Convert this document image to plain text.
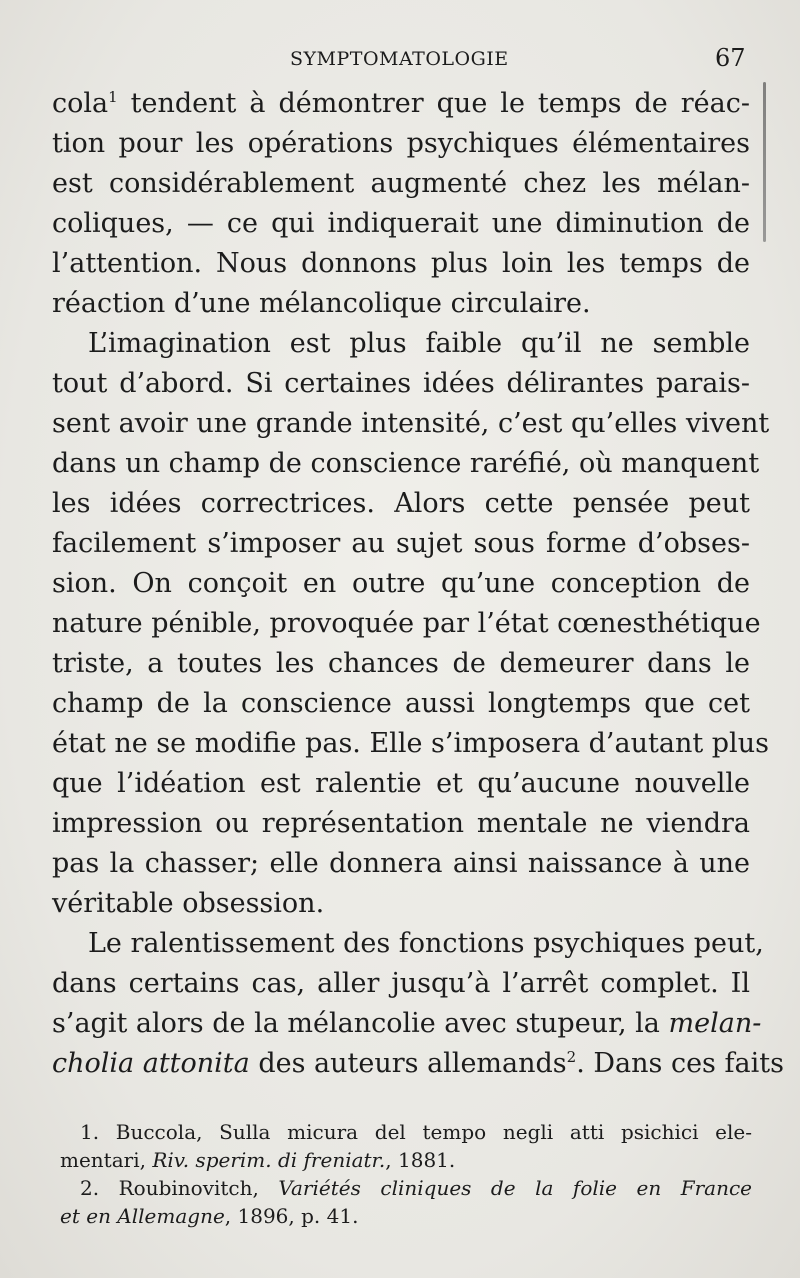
SYMPTOMATOLOGIE	67
cola$^1$ tendent à démontrer que le temps de réac-
tion pour les opérations psychiques élémentaires
est considérablement augmenté chez les mélan-
coliques, — ce qui indiquerait une diminution de
l’attention. Nous donnons plus loin les temps de
réaction d’une mélancolique circulaire.
L’imagination est plus faible qu’il ne semble
tout d’abord. Si certaines idées délirantes parais-
sent avoir une grande intensité, c’est qu’elles vivent
dans un champ de conscience raréfié, où manquent
les idées correctrices. Alors cette pensée peut
facilement s’imposer au sujet sous forme d’obses-
sion. On conçoit en outre qu’une conception de
nature pénible, provoquée par l’état cœnesthétique
triste, a toutes les chances de demeurer dans le
champ de la conscience aussi longtemps que cet
état ne se modifie pas. Elle s’imposera d’autant plus
que l’idéation est ralentie et qu’aucune nouvelle
impression ou représentation mentale ne viendra
pas la chasser; elle donnera ainsi naissance à une
véritable obsession.
Le ralentissement des fonctions psychiques peut,
dans certains cas, aller jusqu’à l’arrêt complet. Il
s’agit alors de la mélancolie avec stupeur, la melan-
cholia attonita des auteurs allemands$^2$. Dans ces faits
1. Buccola, Sulla micura del tempo negli atti psichici ele-
mentari, Riv. sperim. di freniatr., 1881.
2. Roubinovitch, Variétés cliniques de la folie en France
et en Allemagne, 1896, p. 41.
